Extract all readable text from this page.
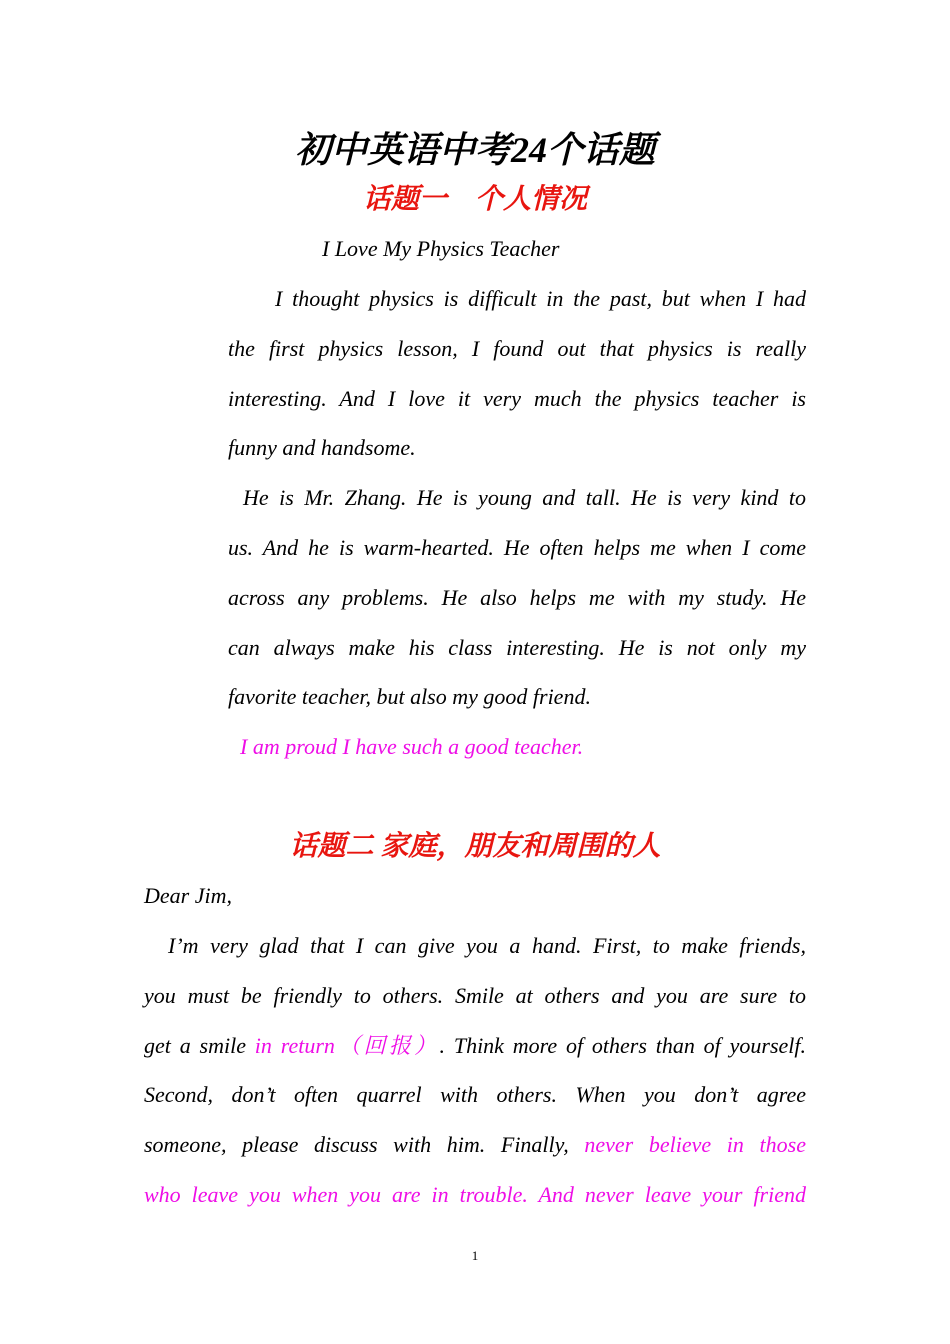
初中英语中考24个话题
话题一　个人情况
I Love My Physics Teacher
I thought physics is difficult in the past, but when I had
the first physics lesson, I found out that physics is really
interesting. And I love it very much the physics teacher is
funny and handsome.
He is Mr. Zhang. He is young and tall. He is very kind to
us. And he is warm-hearted. He often helps me when I come
across any problems. He also helps me with my study. He
can always make his class interesting. He is not only my
favorite teacher, but also my good friend.
I am proud I have such a good teacher.
话题二 家庭，朋友和周围的人
Dear Jim,
I’m very glad that I can give you a hand. First, to make friends,
you must be friendly to others. Smile at others and you are sure to
get a smile in return（回报）. Think more of others than of yourself.
Second, don’t often quarrel with others. When you don’t agree
someone, please discuss with him. Finally, never believe in those
who leave you when you are in trouble. And never leave your friend
1
